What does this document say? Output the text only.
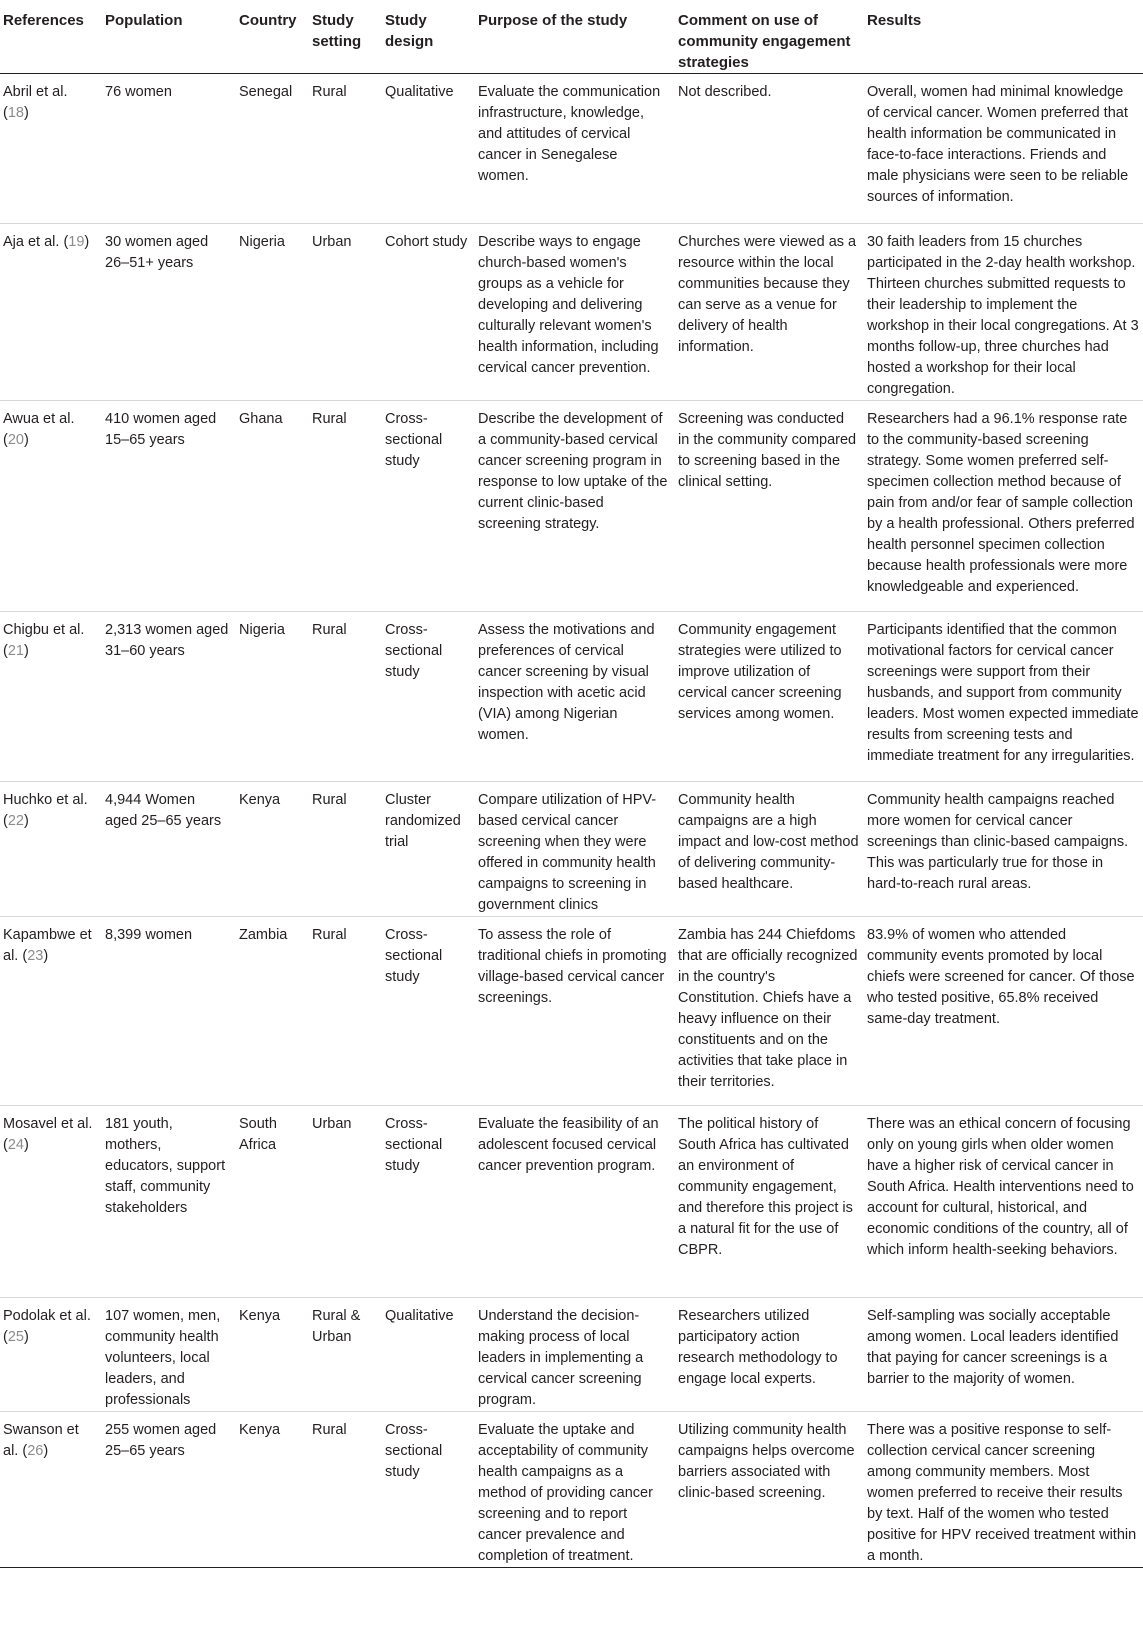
References	Population	Country	Study setting	Study design	Purpose of the study	Comment on use of community engagement strategies	Results
Abril et al. (18)	76 women	Senegal	Rural	Qualitative	Evaluate the communication infrastructure, knowledge, and attitudes of cervical cancer in Senegalese women.	Not described.	Overall, women had minimal knowledge of cervical cancer. Women preferred that health information be communicated in face-to-face interactions. Friends and male physicians were seen to be reliable sources of information.
Aja et al. (19)	30 women aged 26–51+ years	Nigeria	Urban	Cohort study	Describe ways to engage church-based women's groups as a vehicle for developing and delivering culturally relevant women's health information, including cervical cancer prevention.	Churches were viewed as a resource within the local communities because they can serve as a venue for delivery of health information.	30 faith leaders from 15 churches participated in the 2-day health workshop. Thirteen churches submitted requests to their leadership to implement the workshop in their local congregations. At 3 months follow-up, three churches had hosted a workshop for their local congregation.
Awua et al. (20)	410 women aged 15–65 years	Ghana	Rural	Cross-sectional study	Describe the development of a community-based cervical cancer screening program in response to low uptake of the current clinic-based screening strategy.	Screening was conducted in the community compared to screening based in the clinical setting.	Researchers had a 96.1% response rate to the community-based screening strategy. Some women preferred self-specimen collection method because of pain from and/or fear of sample collection by a health professional. Others preferred health personnel specimen collection because health professionals were more knowledgeable and experienced.
Chigbu et al. (21)	2,313 women aged 31–60 years	Nigeria	Rural	Cross-sectional study	Assess the motivations and preferences of cervical cancer screening by visual inspection with acetic acid (VIA) among Nigerian women.	Community engagement strategies were utilized to improve utilization of cervical cancer screening services among women.	Participants identified that the common motivational factors for cervical cancer screenings were support from their husbands, and support from community leaders. Most women expected immediate results from screening tests and immediate treatment for any irregularities.
Huchko et al. (22)	4,944 Women aged 25–65 years	Kenya	Rural	Cluster randomized trial	Compare utilization of HPV-based cervical cancer screening when they were offered in community health campaigns to screening in government clinics	Community health campaigns are a high impact and low-cost method of delivering community-based healthcare.	Community health campaigns reached more women for cervical cancer screenings than clinic-based campaigns. This was particularly true for those in hard-to-reach rural areas.
Kapambwe et al. (23)	8,399 women	Zambia	Rural	Cross-sectional study	To assess the role of traditional chiefs in promoting village-based cervical cancer screenings.	Zambia has 244 Chiefdoms that are officially recognized in the country's Constitution. Chiefs have a heavy influence on their constituents and on the activities that take place in their territories.	83.9% of women who attended community events promoted by local chiefs were screened for cancer. Of those who tested positive, 65.8% received same-day treatment.
Mosavel et al. (24)	181 youth, mothers, educators, support staff, community stakeholders	South Africa	Urban	Cross-sectional study	Evaluate the feasibility of an adolescent focused cervical cancer prevention program.	The political history of South Africa has cultivated an environment of community engagement, and therefore this project is a natural fit for the use of CBPR.	There was an ethical concern of focusing only on young girls when older women have a higher risk of cervical cancer in South Africa. Health interventions need to account for cultural, historical, and economic conditions of the country, all of which inform health-seeking behaviors.
Podolak et al. (25)	107 women, men, community health volunteers, local leaders, and professionals	Kenya	Rural & Urban	Qualitative	Understand the decision-making process of local leaders in implementing a cervical cancer screening program.	Researchers utilized participatory action research methodology to engage local experts.	Self-sampling was socially acceptable among women. Local leaders identified that paying for cancer screenings is a barrier to the majority of women.
Swanson et al. (26)	255 women aged 25–65 years	Kenya	Rural	Cross-sectional study	Evaluate the uptake and acceptability of community health campaigns as a method of providing cancer screening and to report cancer prevalence and completion of treatment.	Utilizing community health campaigns helps overcome barriers associated with clinic-based screening.	There was a positive response to self-collection cervical cancer screening among community members. Most women preferred to receive their results by text. Half of the women who tested positive for HPV received treatment within a month.
